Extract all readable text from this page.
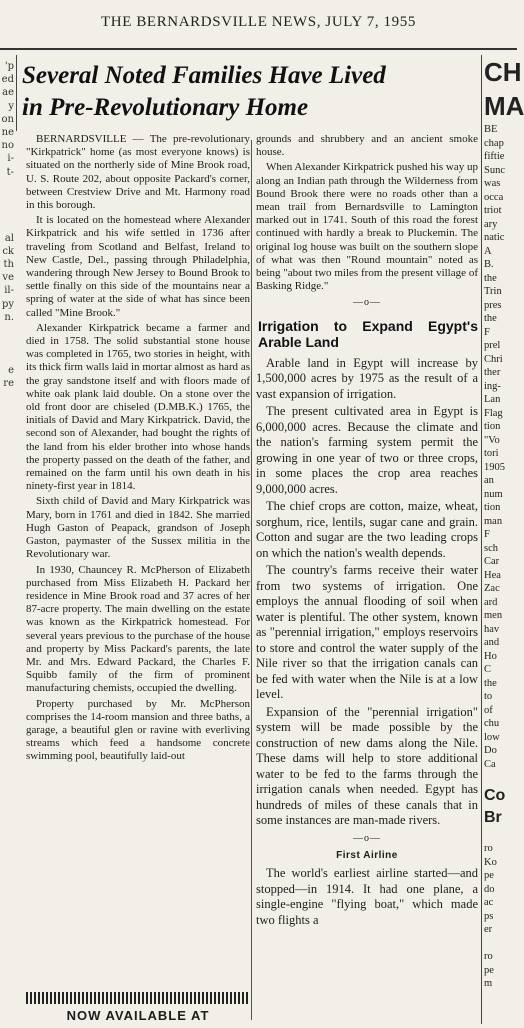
THE BERNARDSVILLE NEWS, JULY 7, 1955
'p
ed
ae
y
on
ne
no
i-
t-

al
ck
th
ve
il-
py
n.

e
re
Several Noted Families Have Lived
in Pre-Revolutionary Home

BERNARDSVILLE — The pre-revolutionary "Kirkpatrick" home (as most everyone knows) is situated on the northerly side of Mine Brook road, U. S. Route 202, about opposite Packard's corner, between Crestview Drive and Mt. Harmony road in this borough.

It is located on the homestead where Alexander Kirkpatrick and his wife settled in 1736 after traveling from Scotland and Belfast, Ireland to New Castle, Del., passing through Philadelphia, wandering through New Jersey to Bound Brook to settle finally on this side of the mountains near a spring of water at the side of what has since been called "Mine Brook."

Alexander Kirkpatrick became a farmer and died in 1758. The solid substantial stone house was completed in 1765, two stories in height, with its thick firm walls laid in mortar almost as hard as the gray sandstone itself and with floors made of white oak plank laid double. On a stone over the old front door are chiseled (D.MB.K.) 1765, the initials of David and Mary Kirkpatrick. David, the second son of Alexander, had bought the rights of the land from his elder brother into whose hands the property passed on the death of the father, and remained on the farm until his own death in his ninety-first year in 1814.

Sixth child of David and Mary Kirkpatrick was Mary, born in 1761 and died in 1842. She married Hugh Gaston of Peapack, grandson of Joseph Gaston, paymaster of the Sussex militia in the Revolutionary war.

In 1930, Chauncey R. McPherson of Elizabeth purchased from Miss Elizabeth H. Packard her residence in Mine Brook road and 37 acres of her 87-acre property. The main dwelling on the estate was known as the Kirkpatrick homestead. For several years previous to the purchase of the house and property by Miss Packard's parents, the late Mr. and Mrs. Edward Packard, the Charles F. Squibb family of the firm of prominent manufacturing chemists, occupied the dwelling.

Property purchased by Mr. McPherson comprises the 14-room mansion and three baths, a garage, a beautiful glen or ravine with everliving streams which feed a handsome concrete swimming pool, beautifully laid-out

NOW AVAILABLE AT

grounds and shrubbery and an ancient smoke house.

When Alexander Kirkpatrick pushed his way up along an Indian path through the Wilderness from Bound Brook there were no roads other than a mean trail from Bernardsville to Lamington marked out in 1741. South of this road the forest continued with hardly a break to Pluckemin. The original log house was built on the southern slope of what was then "Round mountain" noted as being "about two miles from the present village of Basking Ridge."

—o—
Irrigation to Expand Egypt's Arable Land

Arable land in Egypt will increase by 1,500,000 acres by 1975 as the result of a vast expansion of irrigation.

The present cultivated area in Egypt is 6,000,000 acres. Because the climate and the nation's farming system permit the growing in one year of two or three crops, in some places the crop area reaches 9,000,000 acres.

The chief crops are cotton, maize, wheat, sorghum, rice, lentils, sugar cane and grain. Cotton and sugar are the two leading crops on which the nation's wealth depends.

The country's farms receive their water from two systems of irrigation. One employs the annual flooding of soil when water is plentiful. The other system, known as "perennial irrigation," employs reservoirs to store and control the water supply of the Nile river so that the irrigation canals can be fed with water when the Nile is at a low level.

Expansion of the "perennial irrigation" system will be made possible by the construction of new dams along the Nile. These dams will help to store additional water to be fed to the farms through the irrigation canals when needed. Egypt has hundreds of miles of these canals that in some instances are man-made rivers.

—o—
First Airline

The world's earliest airline started—and stopped—in 1914. It had one plane, a single-engine "flying boat," which made two flights a

CH
MA
BE
chap
fiftie
Sunc
was
occa
triot
ary
natic
A
B.
the
Trin
pres
the
F
prel
Chri
ther
ing-
Lan
Flag
tion
"Vo
tori
1905
an
num
tion
man
F
sch
Car
Hea
Zac
ard
men
hav
and
Ho
C
the
to
of
chu
low
Do
Ca

Co
Br

ro
Ko
pe
do
ac
ps
er

ro
pe
m
